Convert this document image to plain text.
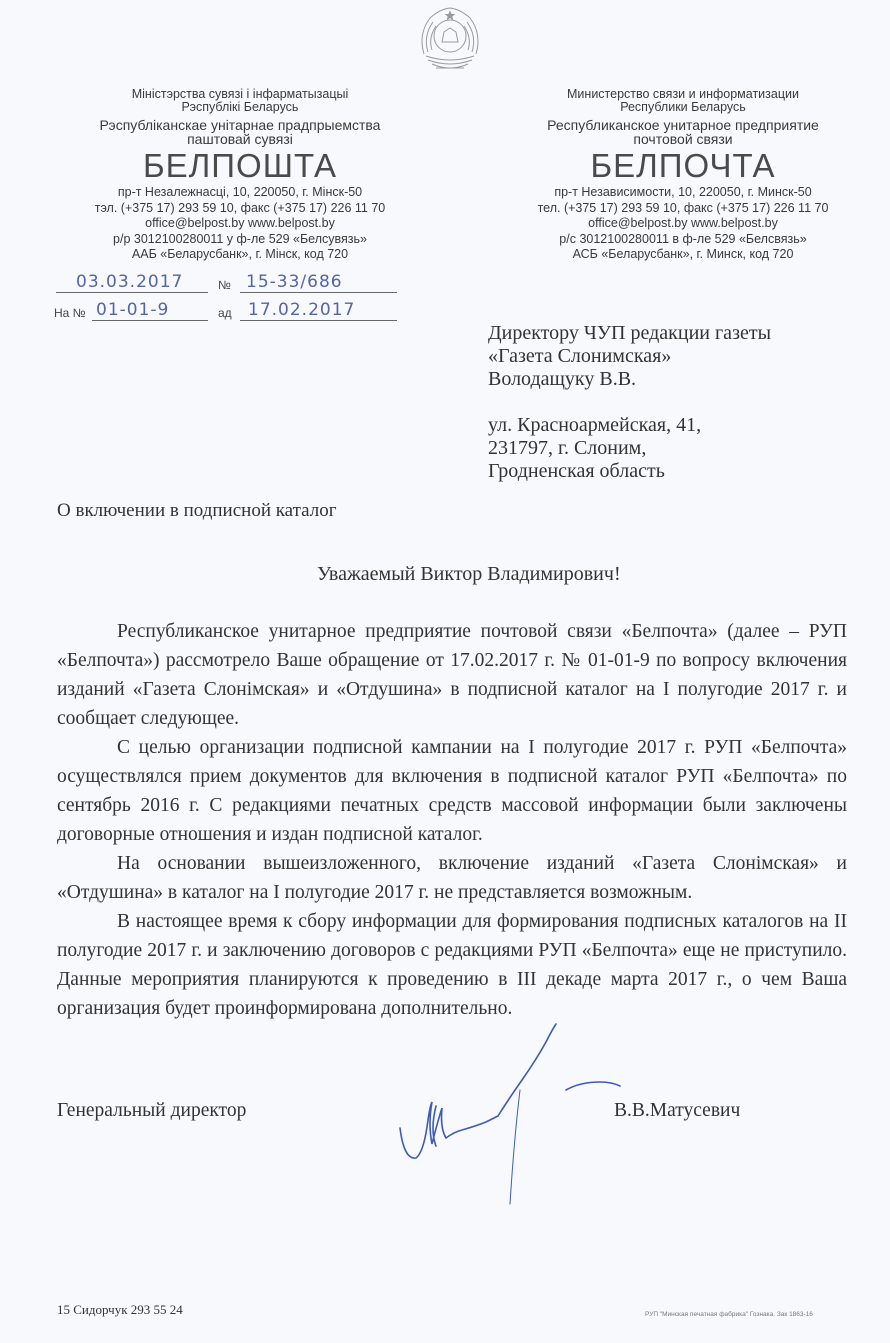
Міністэрства сувязі і інфарматызацыі
Рэспублікі Беларусь
Рэспубліканскае унітарнае прадпрыемства
паштовай сувязі
БЕЛПОШТА
пр-т Незалежнасці, 10, 220050, г. Мінск-50
тэл. (+375 17) 293 59 10, факс (+375 17) 226 11 70
office@belpost.by www.belpost.by
р/р 3012100280011 у ф-ле 529 «Белсувязь»
ААБ «Беларусбанк», г. Мінск, код 720
Министерство связи и информатизации
Республики Беларусь
Республиканское унитарное предприятие
почтовой связи
БЕЛПОЧТА
пр-т Независимости, 10, 220050, г. Минск-50
тел. (+375 17) 293 59 10, факс (+375 17) 226 11 70
office@belpost.by www.belpost.by
р/с 3012100280011 в ф-ле 529 «Белсвязь»
АСБ «Беларусбанк», г. Минск, код 720
03.03.2017	№ 15-33/686
На № 01-01-9	ад 17.02.2017
Директору ЧУП редакции газеты
«Газета Слонимская»
Володащуку В.В.
ул. Красноармейская, 41,
231797, г. Слоним,
Гродненская область
О включении в подписной каталог
Уважаемый Виктор Владимирович!

Республиканское унитарное предприятие почтовой связи «Белпочта» (далее – РУП «Белпочта») рассмотрело Ваше обращение от 17.02.2017 г. № 01-01-9 по вопросу включения изданий «Газета Слонімская» и «Отдушина» в подписной каталог на I полугодие 2017 г. и сообщает следующее.

С целью организации подписной кампании на I полугодие 2017 г. РУП «Белпочта» осуществлялся прием документов для включения в подписной каталог РУП «Белпочта» по сентябрь 2016 г. С редакциями печатных средств массовой информации были заключены договорные отношения и издан подписной каталог.

На основании вышеизложенного, включение изданий «Газета Слонімская» и «Отдушина» в каталог на I полугодие 2017 г. не представляется возможным.

В настоящее время к сбору информации для формирования подписных каталогов на II полугодие 2017 г. и заключению договоров с редакциями РУП «Белпочта» еще не приступило. Данные мероприятия планируются к проведению в III декаде марта 2017 г., о чем Ваша организация будет проинформирована дополнительно.

Генеральный директор	В.В.Матусевич
15 Сидорчук 293 55 24	РУП "Минская печатная фабрика" Гознака. Зак 1863-16
